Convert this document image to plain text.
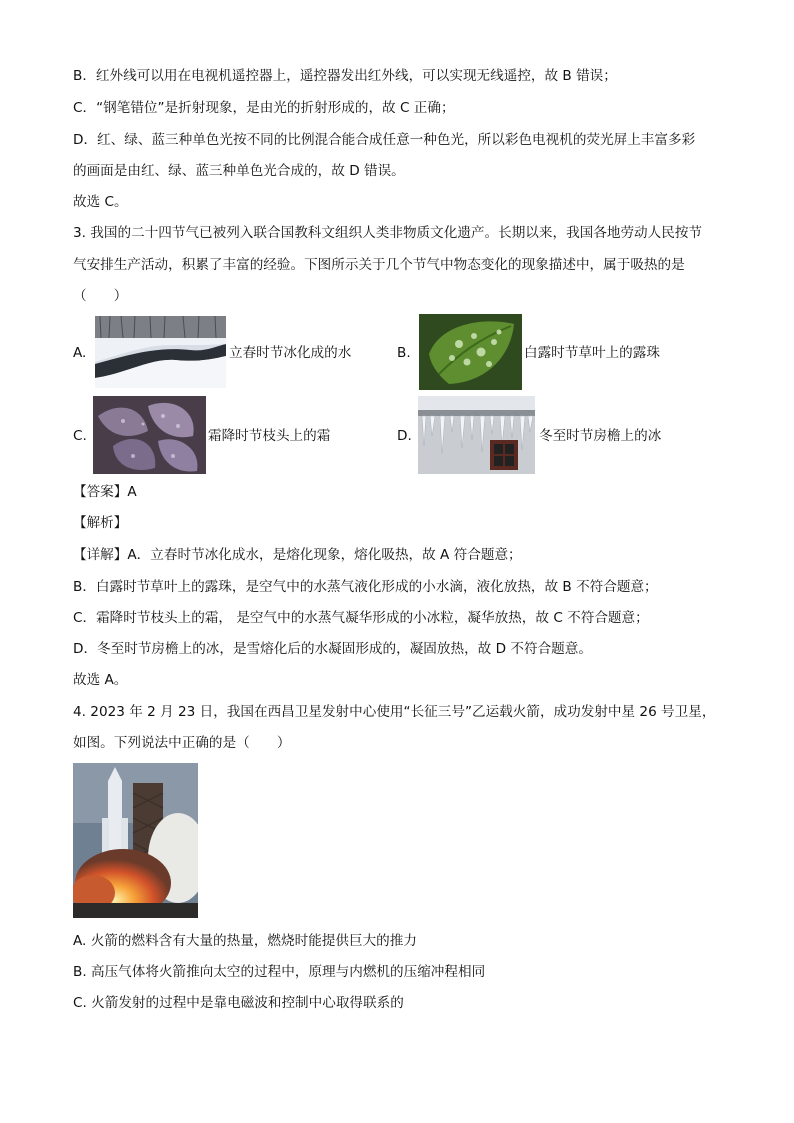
B．红外线可以用在电视机遥控器上，遥控器发出红外线，可以实现无线遥控，故 B 错误；
C．“钢笔错位”是折射现象，是由光的折射形成的，故 C 正确；
D．红、绿、蓝三种单色光按不同的比例混合能合成任意一种色光，所以彩色电视机的荧光屏上丰富多彩
的画面是由红、绿、蓝三种单色光合成的，故 D 错误。
故选 C。
3. 我国的二十四节气已被列入联合国教科文组织人类非物质文化遗产。长期以来，我国各地劳动人民按节
气安排生产活动，积累了丰富的经验。下图所示关于几个节气中物态变化的现象描述中，属于吸热的是
（　　）
A.	立春时节冰化成的水	B.	白露时节草叶上的露珠
C.	霜降时节枝头上的霜	D.	冬至时节房檐上的冰
【答案】A
【解析】
【详解】A．立春时节冰化成水，是熔化现象，熔化吸热，故 A 符合题意；
B．白露时节草叶上的露珠，是空气中的水蒸气液化形成的小水滴，液化放热，故 B 不符合题意；
C．霜降时节枝头上的霜， 是空气中的水蒸气凝华形成的小冰粒，凝华放热，故 C 不符合题意；
D．冬至时节房檐上的冰，是雪熔化后的水凝固形成的，凝固放热，故 D 不符合题意。
故选 A。
4. 2023 年 2 月 23 日，我国在西昌卫星发射中心使用“长征三号”乙运载火箭，成功发射中星 26 号卫星，
如图。下列说法中正确的是（　　）
A. 火箭的燃料含有大量的热量，燃烧时能提供巨大的推力
B. 高压气体将火箭推向太空的过程中，原理与内燃机的压缩冲程相同
C. 火箭发射的过程中是靠电磁波和控制中心取得联系的
